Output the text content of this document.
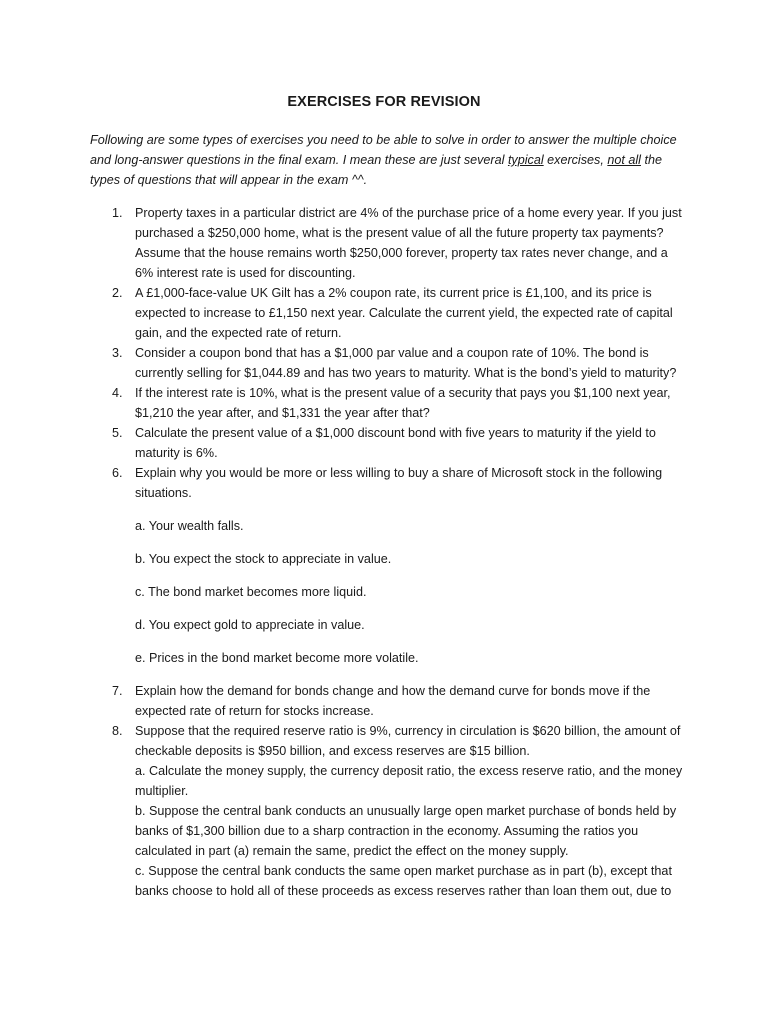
EXERCISES FOR REVISION
Following are some types of exercises you need to be able to solve in order to answer the multiple choice and long-answer questions in the final exam. I mean these are just several typical exercises, not all the types of questions that will appear in the exam ^^.
1. Property taxes in a particular district are 4% of the purchase price of a home every year. If you just purchased a $250,000 home, what is the present value of all the future property tax payments? Assume that the house remains worth $250,000 forever, property tax rates never change, and a 6% interest rate is used for discounting.
2. A £1,000-face-value UK Gilt has a 2% coupon rate, its current price is £1,100, and its price is expected to increase to £1,150 next year. Calculate the current yield, the expected rate of capital gain, and the expected rate of return.
3. Consider a coupon bond that has a $1,000 par value and a coupon rate of 10%. The bond is currently selling for $1,044.89 and has two years to maturity. What is the bond’s yield to maturity?
4. If the interest rate is 10%, what is the present value of a security that pays you $1,100 next year, $1,210 the year after, and $1,331 the year after that?
5. Calculate the present value of a $1,000 discount bond with five years to maturity if the yield to maturity is 6%.
6. Explain why you would be more or less willing to buy a share of Microsoft stock in the following situations.
a. Your wealth falls.
b. You expect the stock to appreciate in value.
c. The bond market becomes more liquid.
d. You expect gold to appreciate in value.
e. Prices in the bond market become more volatile.
7. Explain how the demand for bonds change and how the demand curve for bonds move if the expected rate of return for stocks increase.
8. Suppose that the required reserve ratio is 9%, currency in circulation is $620 billion, the amount of checkable deposits is $950 billion, and excess reserves are $15 billion.
a. Calculate the money supply, the currency deposit ratio, the excess reserve ratio, and the money multiplier.
b. Suppose the central bank conducts an unusually large open market purchase of bonds held by banks of $1,300 billion due to a sharp contraction in the economy. Assuming the ratios you calculated in part (a) remain the same, predict the effect on the money supply.
c. Suppose the central bank conducts the same open market purchase as in part (b), except that banks choose to hold all of these proceeds as excess reserves rather than loan them out, due to
